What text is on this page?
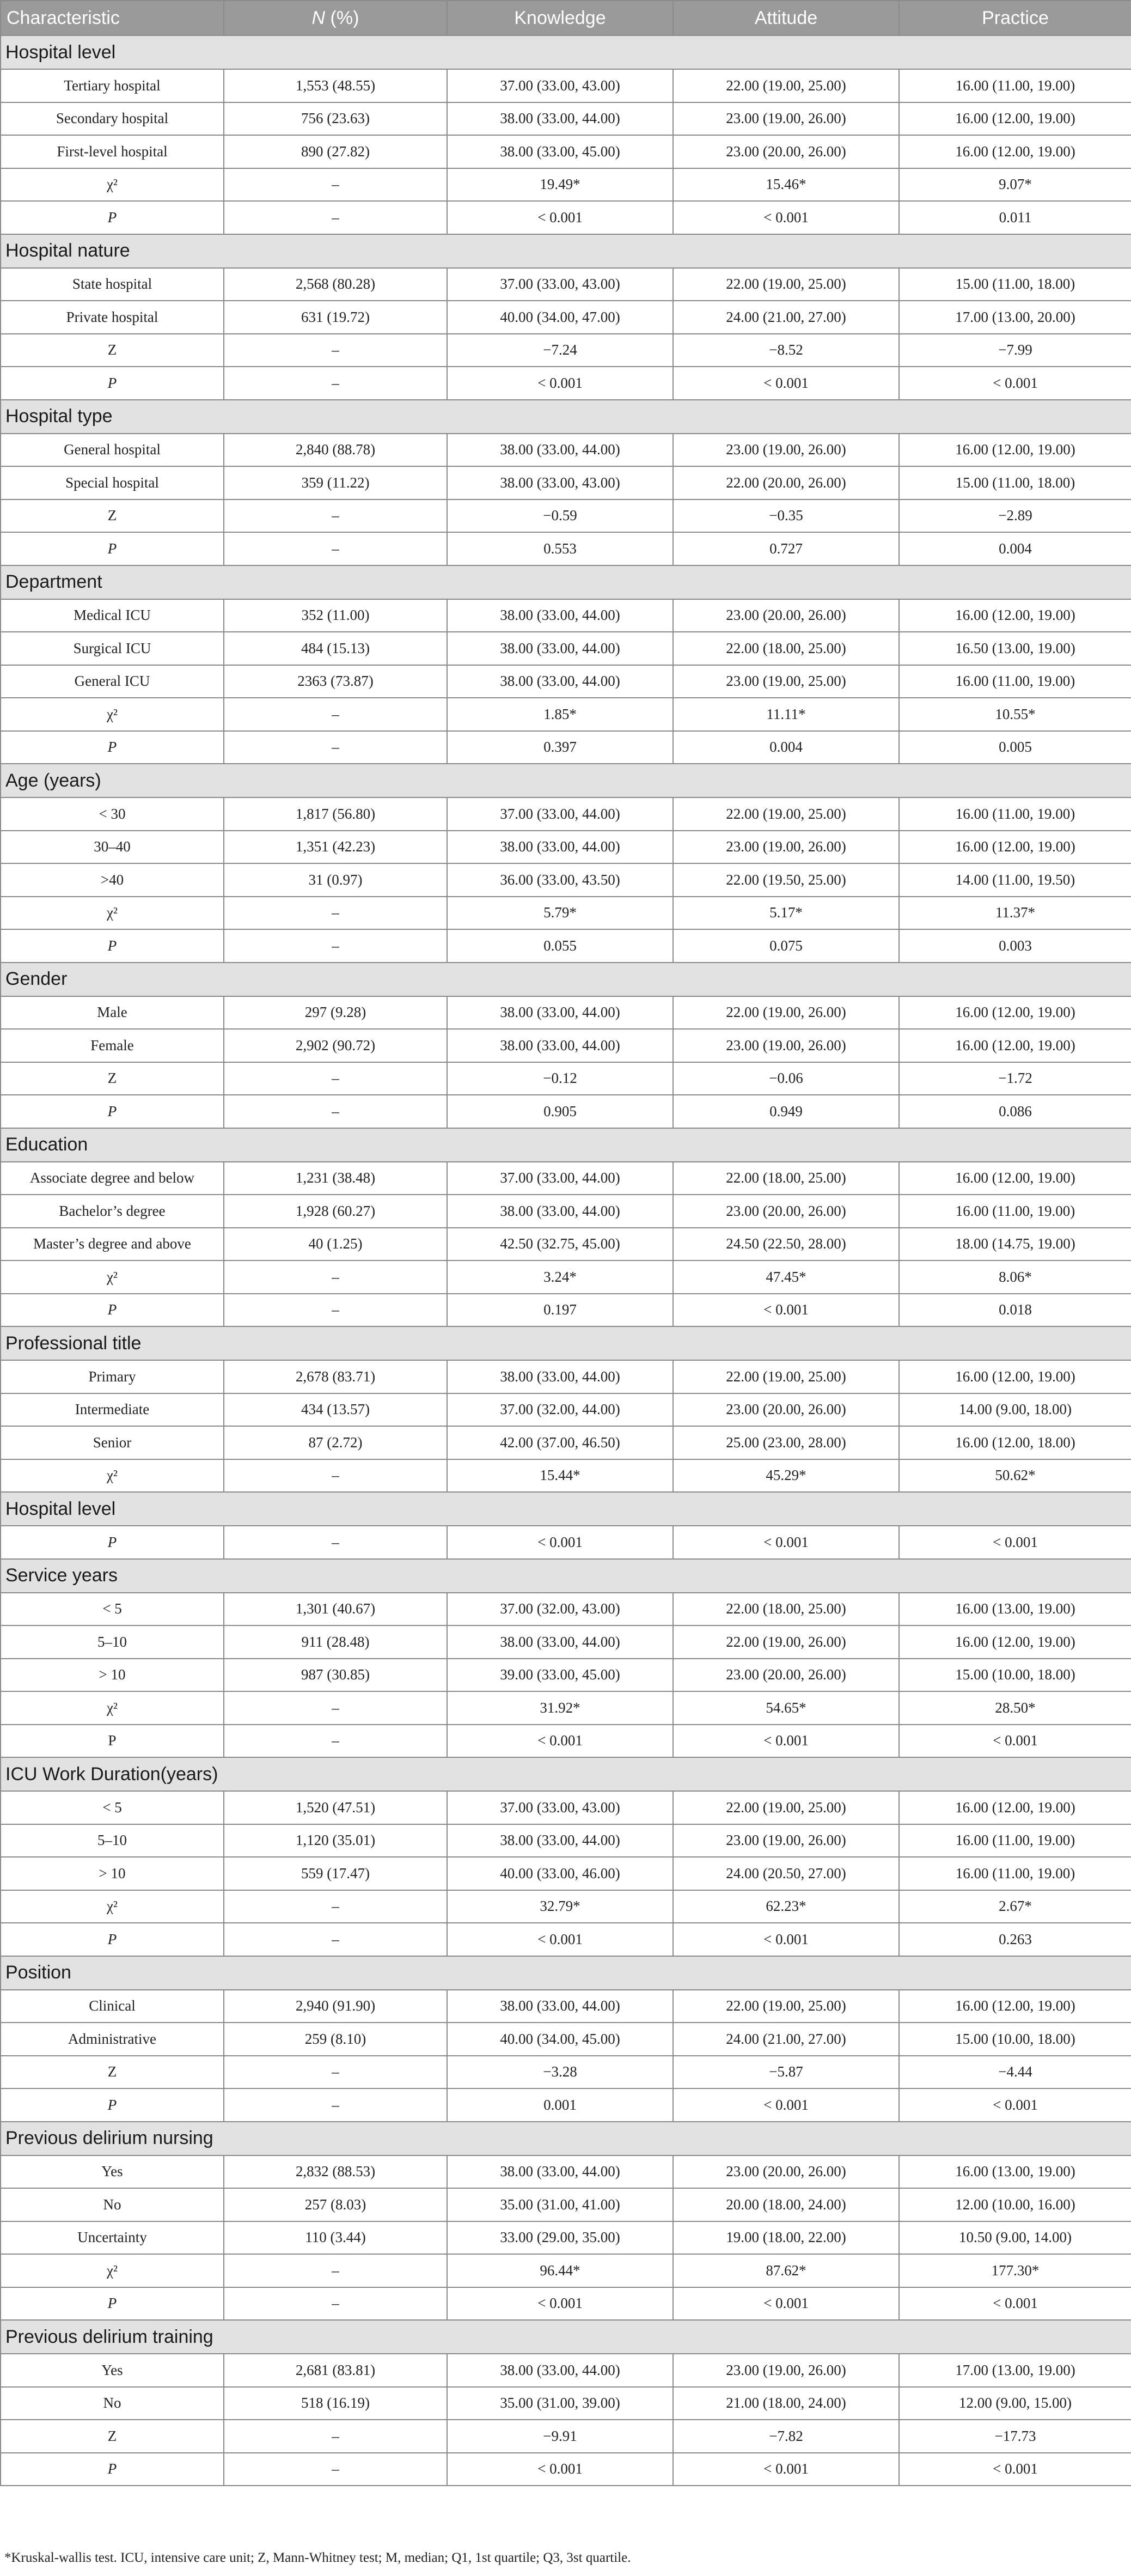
Characteristic	N (%)	Knowledge	Attitude	Practice
Hospital level				
Tertiary hospital	1,553 (48.55)	37.00 (33.00, 43.00)	22.00 (19.00, 25.00)	16.00 (11.00, 19.00)
Secondary hospital	756 (23.63)	38.00 (33.00, 44.00)	23.00 (19.00, 26.00)	16.00 (12.00, 19.00)
First-level hospital	890 (27.82)	38.00 (33.00, 45.00)	23.00 (20.00, 26.00)	16.00 (12.00, 19.00)
χ²	–	19.49*	15.46*	9.07*
P	–	< 0.001	< 0.001	0.011
Hospital nature				
State hospital	2,568 (80.28)	37.00 (33.00, 43.00)	22.00 (19.00, 25.00)	15.00 (11.00, 18.00)
Private hospital	631 (19.72)	40.00 (34.00, 47.00)	24.00 (21.00, 27.00)	17.00 (13.00, 20.00)
Z	–	−7.24	−8.52	−7.99
P	–	< 0.001	< 0.001	< 0.001
Hospital type				
General hospital	2,840 (88.78)	38.00 (33.00, 44.00)	23.00 (19.00, 26.00)	16.00 (12.00, 19.00)
Special hospital	359 (11.22)	38.00 (33.00, 43.00)	22.00 (20.00, 26.00)	15.00 (11.00, 18.00)
Z	–	−0.59	−0.35	−2.89
P	–	0.553	0.727	0.004
Department				
Medical ICU	352 (11.00)	38.00 (33.00, 44.00)	23.00 (20.00, 26.00)	16.00 (12.00, 19.00)
Surgical ICU	484 (15.13)	38.00 (33.00, 44.00)	22.00 (18.00, 25.00)	16.50 (13.00, 19.00)
General ICU	2363 (73.87)	38.00 (33.00, 44.00)	23.00 (19.00, 25.00)	16.00 (11.00, 19.00)
χ²	–	1.85*	11.11*	10.55*
P	–	0.397	0.004	0.005
Age (years)				
< 30	1,817 (56.80)	37.00 (33.00, 44.00)	22.00 (19.00, 25.00)	16.00 (11.00, 19.00)
30–40	1,351 (42.23)	38.00 (33.00, 44.00)	23.00 (19.00, 26.00)	16.00 (12.00, 19.00)
>40	31 (0.97)	36.00 (33.00, 43.50)	22.00 (19.50, 25.00)	14.00 (11.00, 19.50)
χ²	–	5.79*	5.17*	11.37*
P	–	0.055	0.075	0.003
Gender				
Male	297 (9.28)	38.00 (33.00, 44.00)	22.00 (19.00, 26.00)	16.00 (12.00, 19.00)
Female	2,902 (90.72)	38.00 (33.00, 44.00)	23.00 (19.00, 26.00)	16.00 (12.00, 19.00)
Z	–	−0.12	−0.06	−1.72
P	–	0.905	0.949	0.086
Education				
Associate degree and below	1,231 (38.48)	37.00 (33.00, 44.00)	22.00 (18.00, 25.00)	16.00 (12.00, 19.00)
Bachelor’s degree	1,928 (60.27)	38.00 (33.00, 44.00)	23.00 (20.00, 26.00)	16.00 (11.00, 19.00)
Master’s degree and above	40 (1.25)	42.50 (32.75, 45.00)	24.50 (22.50, 28.00)	18.00 (14.75, 19.00)
χ²	–	3.24*	47.45*	8.06*
P	–	0.197	< 0.001	0.018
Professional title				
Primary	2,678 (83.71)	38.00 (33.00, 44.00)	22.00 (19.00, 25.00)	16.00 (12.00, 19.00)
Intermediate	434 (13.57)	37.00 (32.00, 44.00)	23.00 (20.00, 26.00)	14.00 (9.00, 18.00)
Senior	87 (2.72)	42.00 (37.00, 46.50)	25.00 (23.00, 28.00)	16.00 (12.00, 18.00)
χ²	–	15.44*	45.29*	50.62*
Hospital level				
P	–	< 0.001	< 0.001	< 0.001
Service years				
< 5	1,301 (40.67)	37.00 (32.00, 43.00)	22.00 (18.00, 25.00)	16.00 (13.00, 19.00)
5–10	911 (28.48)	38.00 (33.00, 44.00)	22.00 (19.00, 26.00)	16.00 (12.00, 19.00)
> 10	987 (30.85)	39.00 (33.00, 45.00)	23.00 (20.00, 26.00)	15.00 (10.00, 18.00)
χ²	–	31.92*	54.65*	28.50*
P	–	< 0.001	< 0.001	< 0.001
ICU Work Duration(years)				
< 5	1,520 (47.51)	37.00 (33.00, 43.00)	22.00 (19.00, 25.00)	16.00 (12.00, 19.00)
5–10	1,120 (35.01)	38.00 (33.00, 44.00)	23.00 (19.00, 26.00)	16.00 (11.00, 19.00)
> 10	559 (17.47)	40.00 (33.00, 46.00)	24.00 (20.50, 27.00)	16.00 (11.00, 19.00)
χ²	–	32.79*	62.23*	2.67*
P	–	< 0.001	< 0.001	0.263
Position				
Clinical	2,940 (91.90)	38.00 (33.00, 44.00)	22.00 (19.00, 25.00)	16.00 (12.00, 19.00)
Administrative	259 (8.10)	40.00 (34.00, 45.00)	24.00 (21.00, 27.00)	15.00 (10.00, 18.00)
Z	–	−3.28	−5.87	−4.44
P	–	0.001	< 0.001	< 0.001
Previous delirium nursing				
Yes	2,832 (88.53)	38.00 (33.00, 44.00)	23.00 (20.00, 26.00)	16.00 (13.00, 19.00)
No	257 (8.03)	35.00 (31.00, 41.00)	20.00 (18.00, 24.00)	12.00 (10.00, 16.00)
Uncertainty	110 (3.44)	33.00 (29.00, 35.00)	19.00 (18.00, 22.00)	10.50 (9.00, 14.00)
χ²	–	96.44*	87.62*	177.30*
P	–	< 0.001	< 0.001	< 0.001
Previous delirium training				
Yes	2,681 (83.81)	38.00 (33.00, 44.00)	23.00 (19.00, 26.00)	17.00 (13.00, 19.00)
No	518 (16.19)	35.00 (31.00, 39.00)	21.00 (18.00, 24.00)	12.00 (9.00, 15.00)
Z	–	−9.91	−7.82	−17.73
P	–	< 0.001	< 0.001	< 0.001
*Kruskal-wallis test. ICU, intensive care unit; Z, Mann-Whitney test; M, median; Q1, 1st quartile; Q3, 3st quartile.
